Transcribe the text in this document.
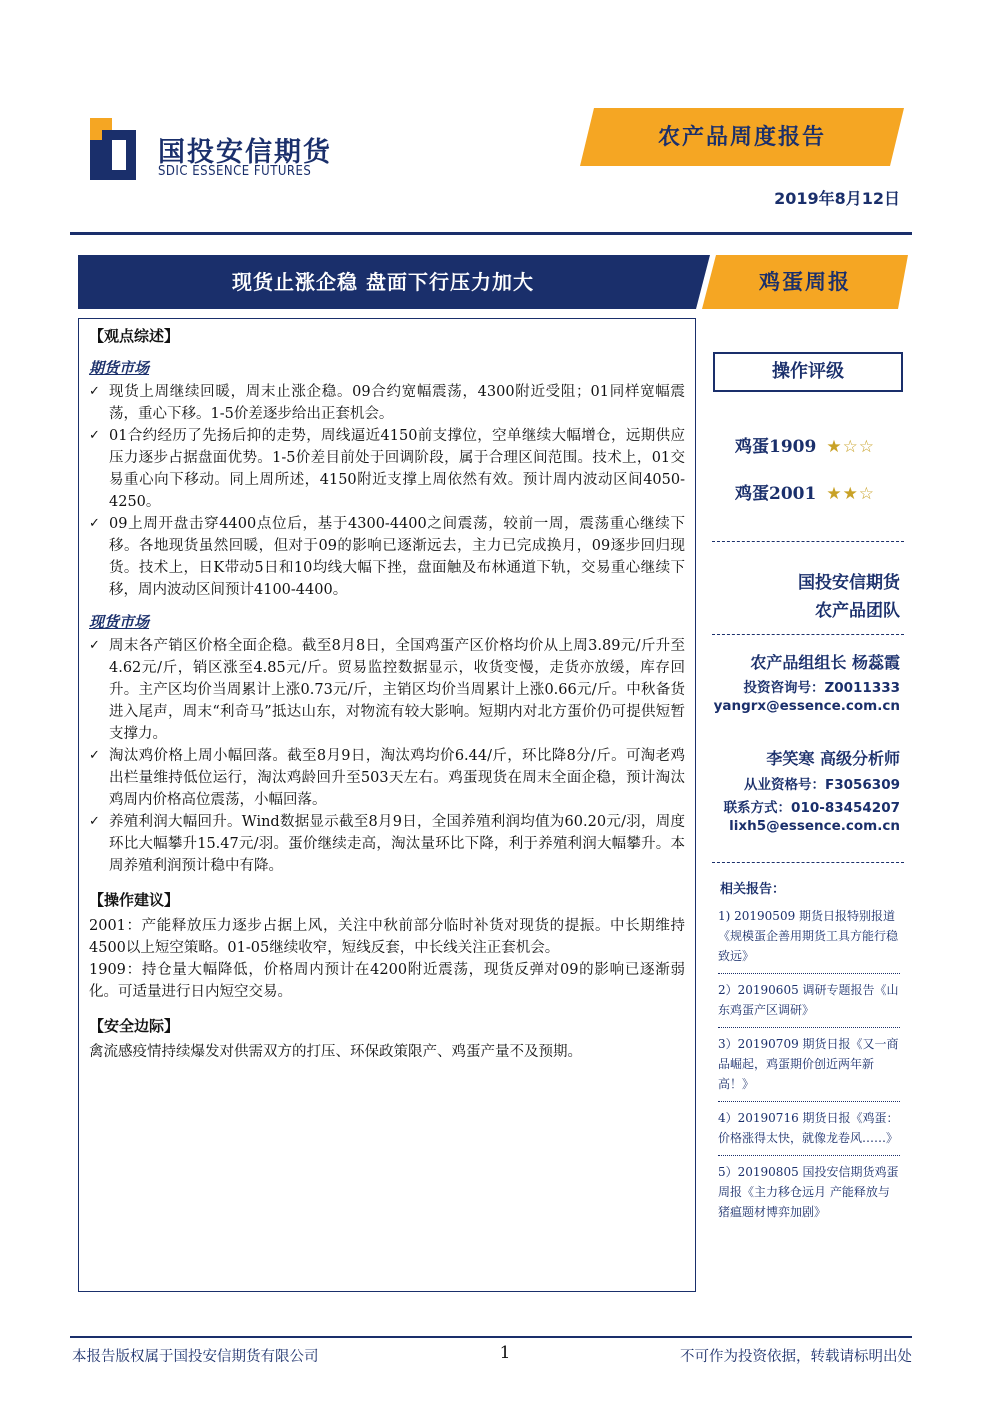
国投安信期货
SDIC ESSENCE FUTURES
农产品周度报告
2019年8月12日
现货止涨企稳 盘面下行压力加大	鸡蛋周报
【观点综述】
期货市场

✓ 现货上周继续回暖，周末止涨企稳。09合约宽幅震荡，4300附近受阻；01同样宽幅震荡，重心下移。1-5价差逐步给出正套机会。

✓ 01合约经历了先扬后抑的走势，周线逼近4150前支撑位，空单继续大幅增仓，远期供应压力逐步占据盘面优势。1-5价差目前处于回调阶段，属于合理区间范围。技术上，01交易重心向下移动。同上周所述，4150附近支撑上周依然有效。预计周内波动区间4050-4250。

✓ 09上周开盘击穿4400点位后，基于4300-4400之间震荡，较前一周，震荡重心继续下移。各地现货虽然回暖，但对于09的影响已逐渐远去，主力已完成换月，09逐步回归现货。技术上，日K带动5日和10均线大幅下挫，盘面触及布林通道下轨，交易重心继续下移，周内波动区间预计4100-4400。

现货市场

✓ 周末各产销区价格全面企稳。截至8月8日，全国鸡蛋产区价格均价从上周3.89元/斤升至4.62元/斤，销区涨至4.85元/斤。贸易监控数据显示，收货变慢，走货亦放缓，库存回升。主产区均价当周累计上涨0.73元/斤，主销区均价当周累计上涨0.66元/斤。中秋备货进入尾声，周末“利奇马”抵达山东，对物流有较大影响。短期内对北方蛋价仍可提供短暂支撑力。

✓ 淘汰鸡价格上周小幅回落。截至8月9日，淘汰鸡均价6.44/斤，环比降8分/斤。可淘老鸡出栏量维持低位运行，淘汰鸡龄回升至503天左右。鸡蛋现货在周末全面企稳，预计淘汰鸡周内价格高位震荡，小幅回落。

✓ 养殖利润大幅回升。Wind数据显示截至8月9日，全国养殖利润均值为60.20元/羽，周度环比大幅攀升15.47元/羽。蛋价继续走高，淘汰量环比下降，利于养殖利润大幅攀升。本周养殖利润预计稳中有降。

【操作建议】

2001：产能释放压力逐步占据上风，关注中秋前部分临时补货对现货的提振。中长期维持4500以上短空策略。01-05继续收窄，短线反套，中长线关注正套机会。

1909：持仓量大幅降低，价格周内预计在4200附近震荡，现货反弹对09的影响已逐渐弱化。可适量进行日内短空交易。

【安全边际】

禽流感疫情持续爆发对供需双方的打压、环保政策限产、鸡蛋产量不及预期。

操作评级
鸡蛋1909 ★☆☆
鸡蛋2001 ★★☆
国投安信期货
农产品团队
农产品组组长 杨蕊霞
投资咨询号：Z0011333
yangrx@essence.com.cn
李笑寒 高级分析师
从业资格号：F3056309
联系方式：010-83454207
lixh5@essence.com.cn
相关报告：
1) 20190509 期货日报特别报道《规模蛋企善用期货工具方能行稳致远》
2）20190605 调研专题报告《山东鸡蛋产区调研》
3）20190709 期货日报《又一商品崛起，鸡蛋期价创近两年新高！》
4）20190716 期货日报《鸡蛋：价格涨得太快，就像龙卷风……》
5）20190805 国投安信期货鸡蛋周报《主力移仓远月 产能释放与猪瘟题材博弈加剧》
本报告版权属于国投安信期货有限公司	1	不可作为投资依据，转载请标明出处
